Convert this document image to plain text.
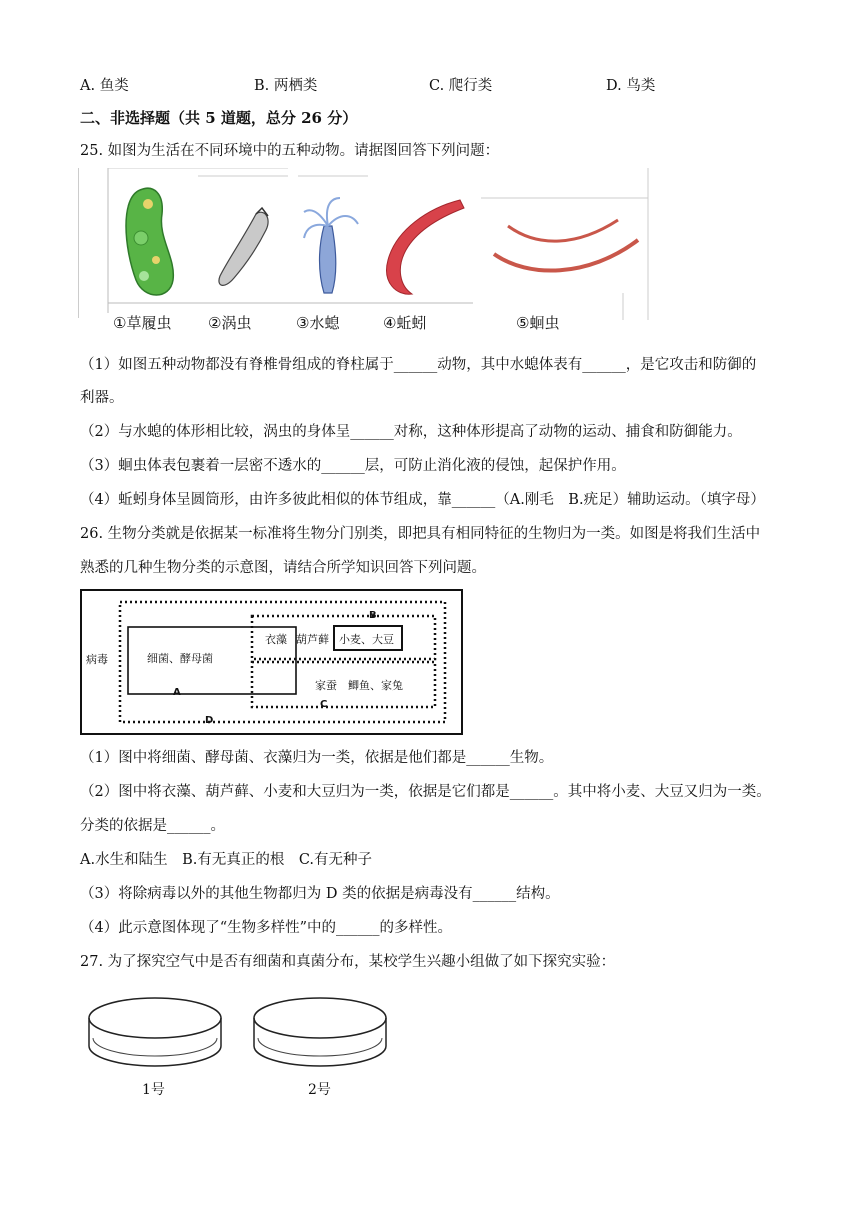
A. 鱼类	B. 两栖类	C. 爬行类	D. 鸟类
二、非选择题（共 5 道题，总分 26 分）
25. 如图为生活在不同环境中的五种动物。请据图回答下列问题：
①草履虫 ②涡虫	③水螅	④蚯蚓	⑤蛔虫
（1）如图五种动物都没有脊椎骨组成的脊柱属于______动物，其中水螅体表有______，是它攻击和防御的
利器。
（2）与水螅的体形相比较，涡虫的身体呈______对称，这种体形提高了动物的运动、捕食和防御能力。
（3）蛔虫体表包裹着一层密不透水的______层，可防止消化液的侵蚀，起保护作用。
（4）蚯蚓身体呈圆筒形，由许多彼此相似的体节组成，靠______（A.刚毛　B.疣足）辅助运动。（填字母）
26. 生物分类就是依据某一标准将生物分门别类，即把具有相同特征的生物归为一类。如图是将我们生活中
熟悉的几种生物分类的示意图，请结合所学知识回答下列问题。
病毒	细菌、酵母菌
衣藻 葫芦藓 小麦、大豆
家蚕　鲫鱼、家兔
A
B
C
D
（1）图中将细菌、酵母菌、衣藻归为一类，依据是他们都是______生物。
（2）图中将衣藻、葫芦藓、小麦和大豆归为一类，依据是它们都是______。其中将小麦、大豆又归为一类。
分类的依据是______。
A.水生和陆生　B.有无真正的根　C.有无种子
（3）将除病毒以外的其他生物都归为 D 类的依据是病毒没有______结构。
（4）此示意图体现了“生物多样性”中的______的多样性。
27. 为了探究空气中是否有细菌和真菌分布，某校学生兴趣小组做了如下探究实验：
1号	2号
